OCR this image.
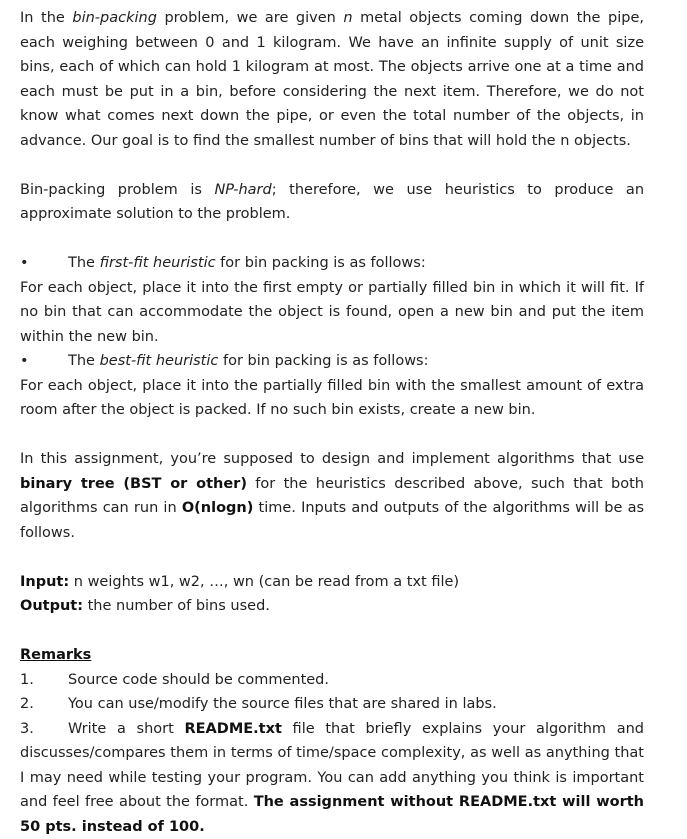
In the bin-packing problem, we are given n metal objects coming down the pipe, each weighing between 0 and 1 kilogram. We have an infinite supply of unit size bins, each of which can hold 1 kilogram at most. The objects arrive one at a time and each must be put in a bin, before considering the next item. Therefore, we do not know what comes next down the pipe, or even the total number of the objects, in advance. Our goal is to find the smallest number of bins that will hold the n objects.

Bin-packing problem is NP-hard; therefore, we use heuristics to produce an approximate solution to the problem.

•	The first-fit heuristic for bin packing is as follows:

For each object, place it into the first empty or partially filled bin in which it will fit. If no bin that can accommodate the object is found, open a new bin and put the item within the new bin.

•	The best-fit heuristic for bin packing is as follows:

For each object, place it into the partially filled bin with the smallest amount of extra room after the object is packed. If no such bin exists, create a new bin.

In this assignment, you’re supposed to design and implement algorithms that use binary tree (BST or other) for the heuristics described above, such that both algorithms can run in O(nlogn) time. Inputs and outputs of the algorithms will be as follows.

Input: n weights w1, w2, …, wn (can be read from a txt file)

Output: the number of bins used.

Remarks

1.	Source code should be commented.
2.	You can use/modify the source files that are shared in labs.

3. Write a short README.txt file that briefly explains your algorithm and discusses/compares them in terms of time/space complexity, as well as anything that I may need while testing your program. You can add anything you think is important and feel free about the format. The assignment without README.txt will worth 50 pts. instead of 100.
